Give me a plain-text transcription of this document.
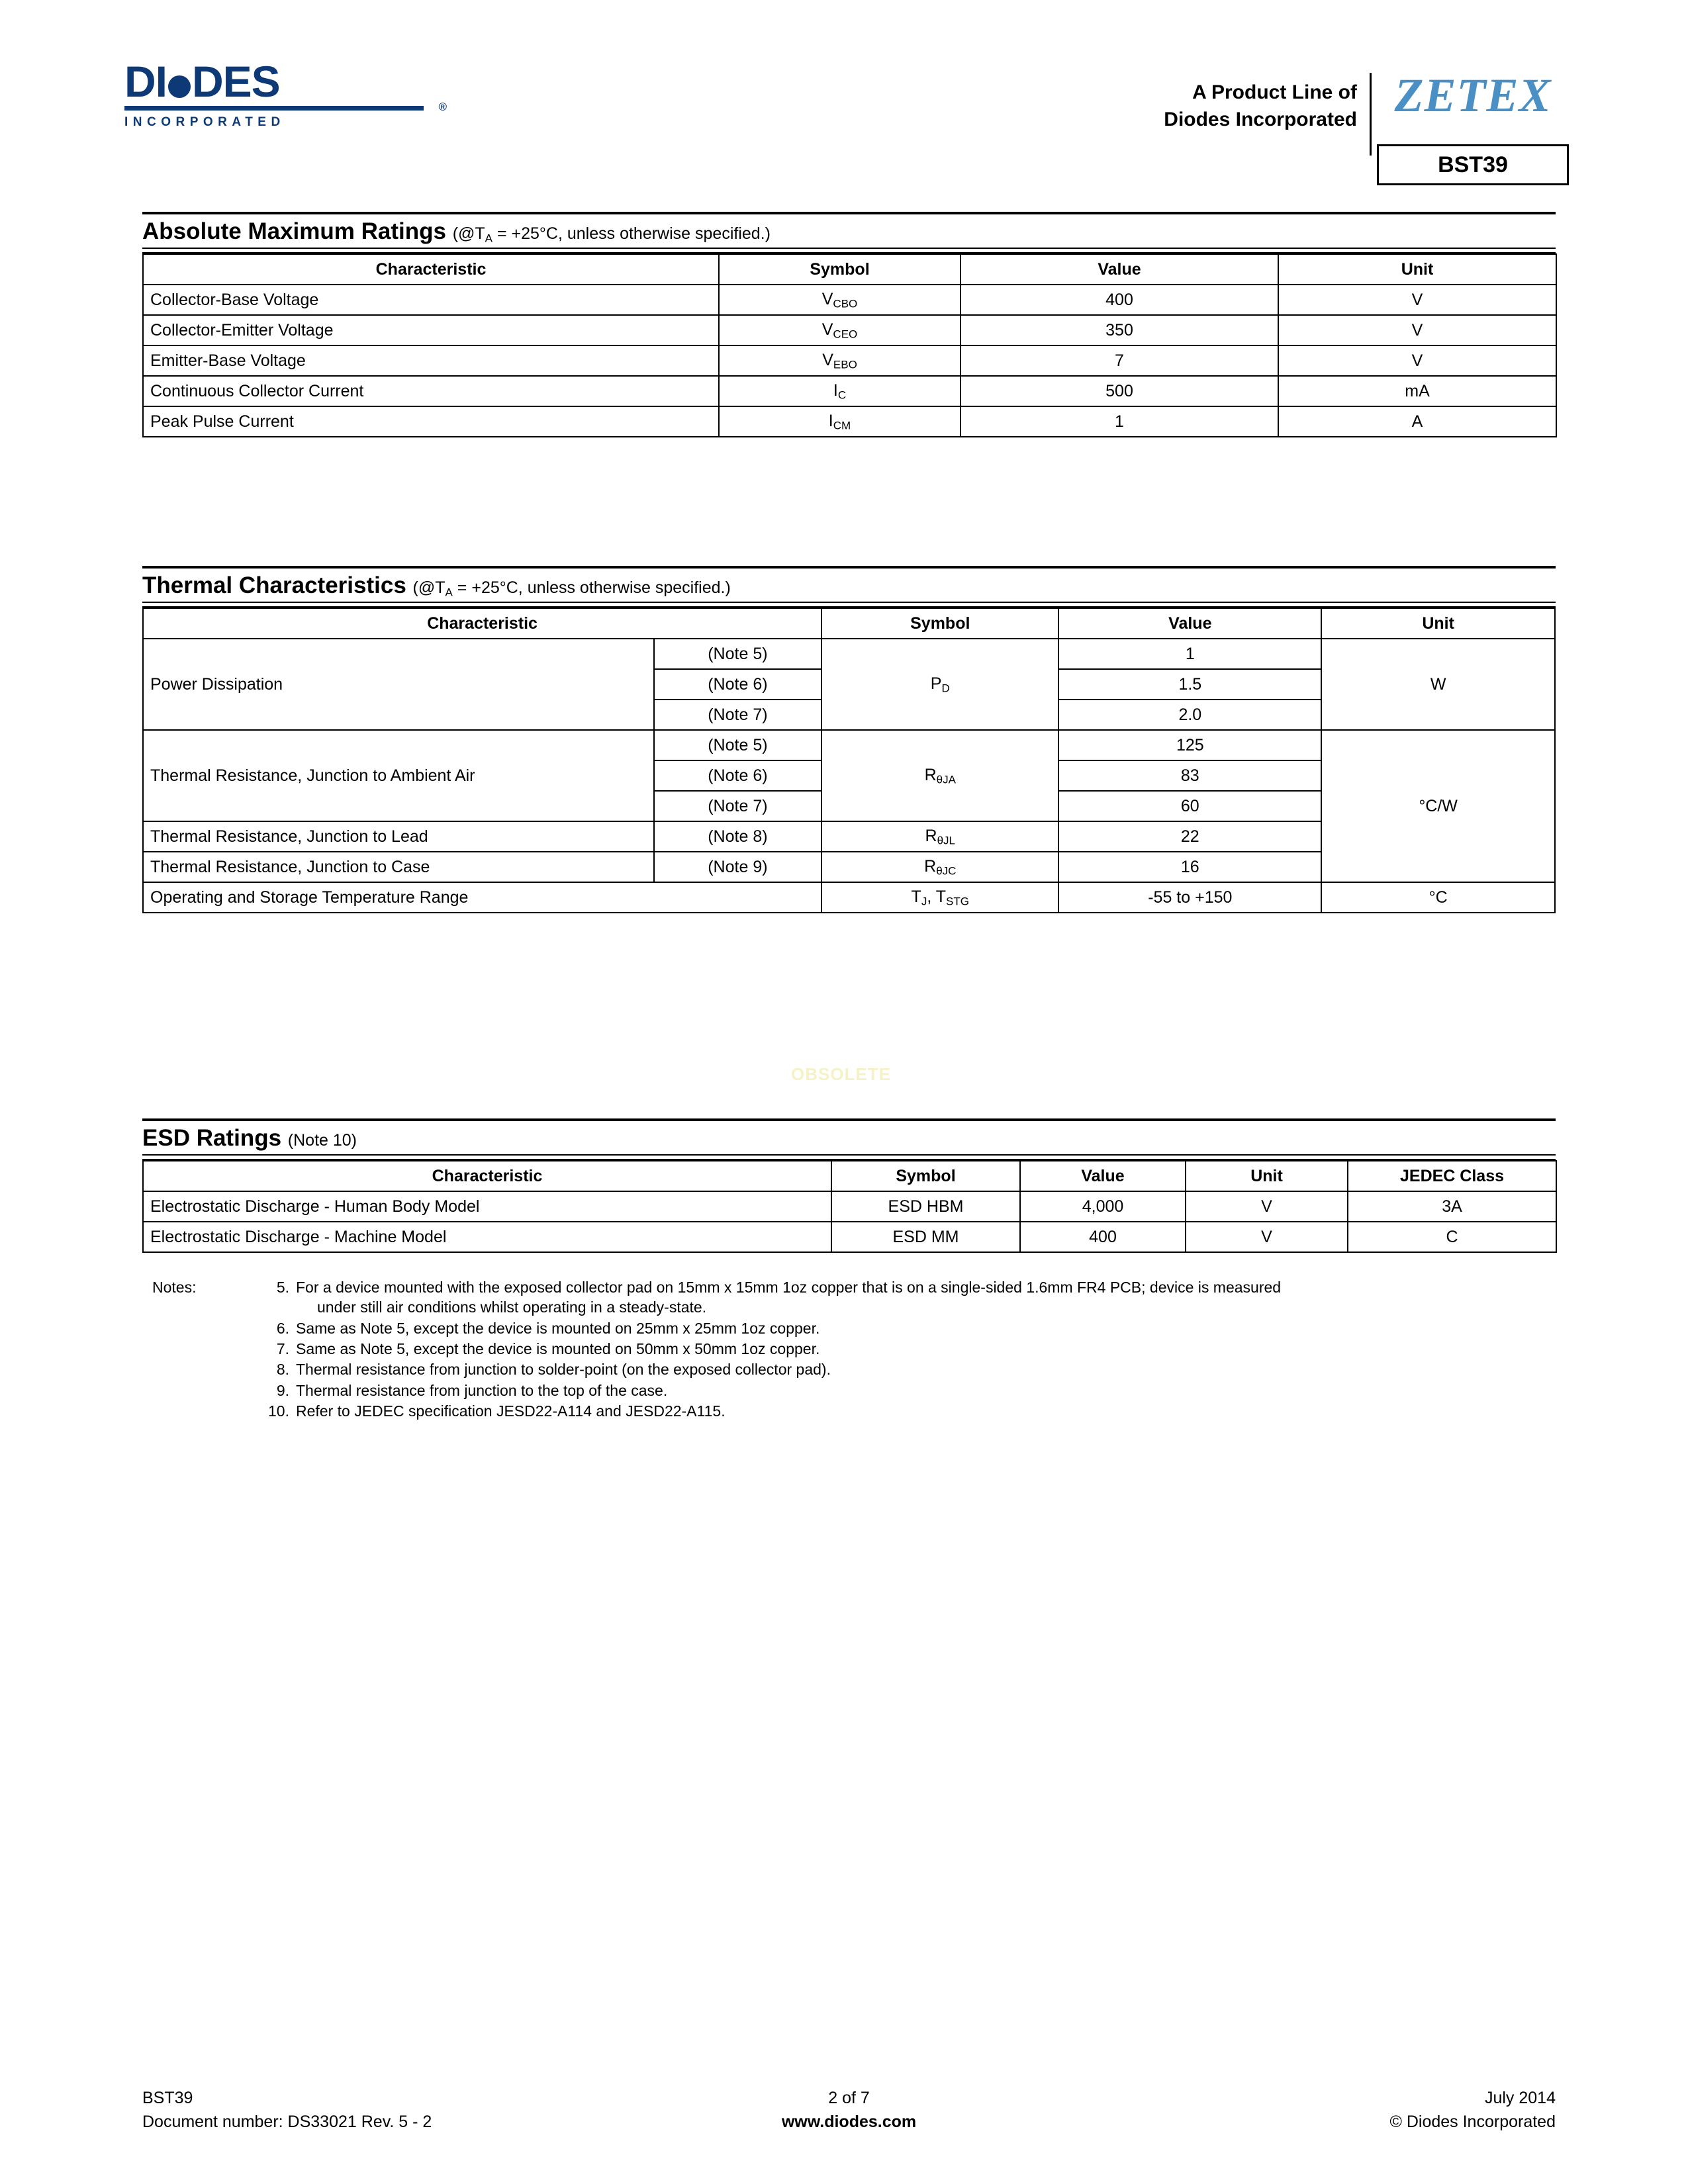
DI DES
®
INCORPORATED
A Product Line of
Diodes Incorporated ZETEX
BST39
Absolute Maximum Ratings ($@T_A = +25^\circ C$, unless otherwise specified.)
Characteristic	Symbol	Value	Unit
Collector-Base Voltage	$V_{CBO}$	400	V
Collector-Emitter Voltage	$V_{CEO}$	350	V
Emitter-Base Voltage	$V_{EBO}$	7	V
Continuous Collector Current	$I_C$	500	mA
Peak Pulse Current	$I_{CM}$	1	A
Thermal Characteristics ($@T_A = +25^\circ C$, unless otherwise specified.)
Characteristic		Symbol	Value	Unit
Power Dissipation	(Note 5)	$P_D$	1	W
	(Note 6)		1.5	
	(Note 7)		2.0	
Thermal Resistance, Junction to Ambient Air	(Note 5)	$R_{\theta JA}$	125	°C/W
	(Note 6)		83	
	(Note 7)		60	
Thermal Resistance, Junction to Lead	(Note 8)	$R_{\theta JL}$	22	
Thermal Resistance, Junction to Case	(Note 9)	$R_{\theta JC}$	16	
Operating and Storage Temperature Range		$T_J$, $T_{STG}$	-55 to +150	°C
OBSOLETE
ESD Ratings (Note 10)
Characteristic	Symbol	Value	Unit	JEDEC Class
Electrostatic Discharge - Human Body Model	ESD HBM	4,000	V	3A
Electrostatic Discharge - Machine Model	ESD MM	400	V	C
Notes:	5. For a device mounted with the exposed collector pad on 15mm x 15mm 1oz copper that is on a single-sided 1.6mm FR4 PCB; device is measured
under still air conditions whilst operating in a steady-state.
6. Same as Note 5, except the device is mounted on 25mm x 25mm 1oz copper.
7. Same as Note 5, except the device is mounted on 50mm x 50mm 1oz copper.
8. Thermal resistance from junction to solder-point (on the exposed collector pad).
9. Thermal resistance from junction to the top of the case.
10. Refer to JEDEC specification JESD22-A114 and JESD22-A115.
BST39
Document number: DS33021 Rev. 5 - 2
2 of 7
www.diodes.com
July 2014
© Diodes Incorporated
